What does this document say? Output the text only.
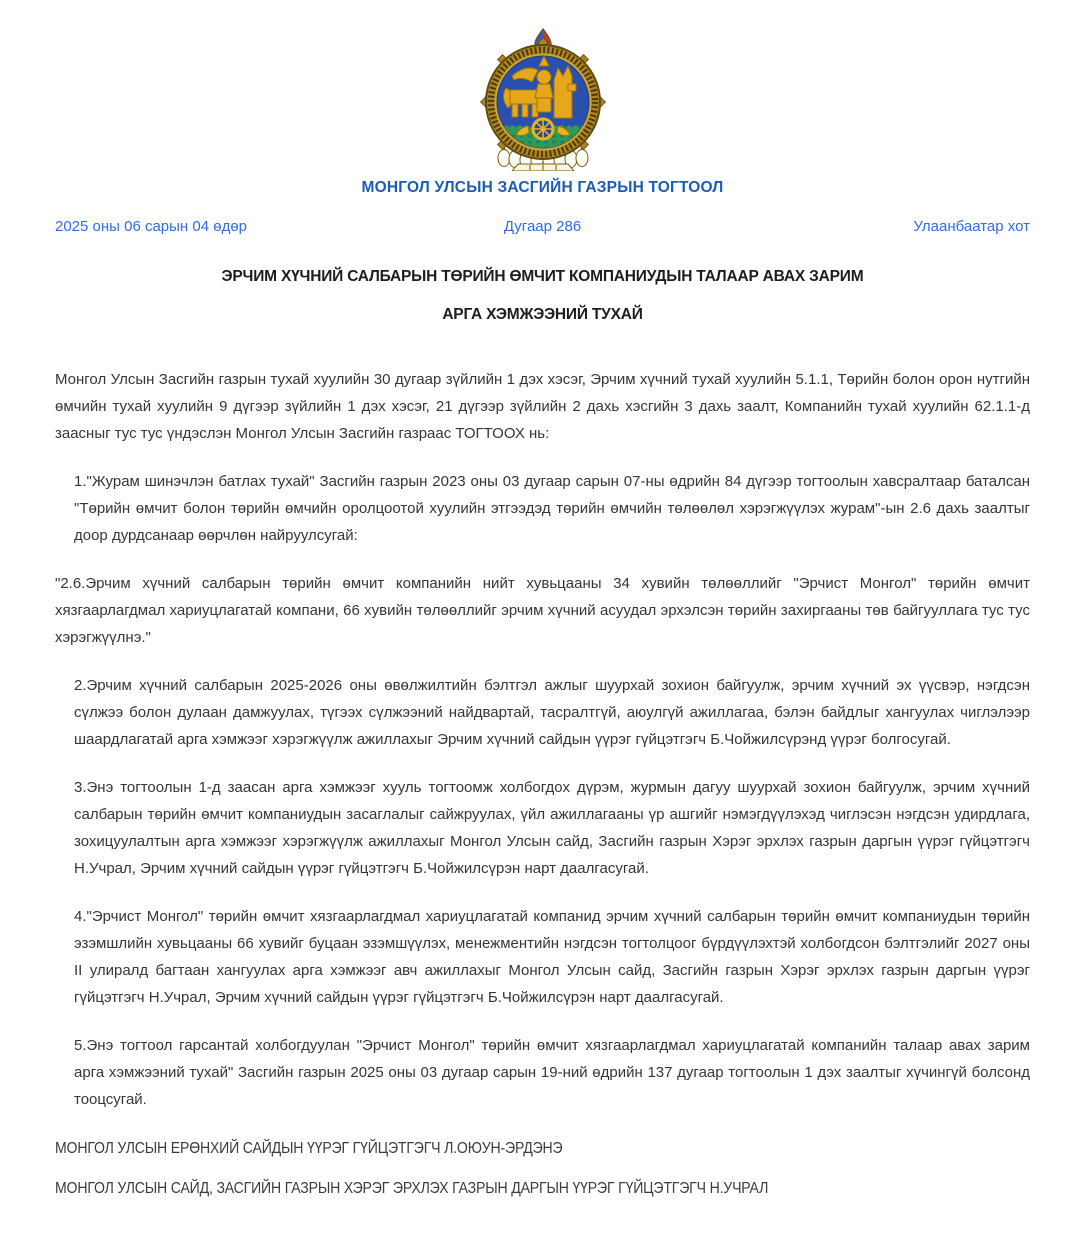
МОНГОЛ УЛСЫН ЗАСГИЙН ГАЗРЫН ТОГТООЛ
2025 оны 06 сарын 04 өдөр	Дугаар 286	Улаанбаатар хот
ЭРЧИМ ХҮЧНИЙ САЛБАРЫН ТӨРИЙН ӨМЧИТ КОМПАНИУДЫН ТАЛААР АВАХ ЗАРИМ
АРГА ХЭМЖЭЭНИЙ ТУХАЙ

Монгол Улсын Засгийн газрын тухай хуулийн 30 дугаар зүйлийн 1 дэх хэсэг, Эрчим хүчний тухай хуулийн 5.1.1, Төрийн болон орон нутгийн өмчийн тухай хуулийн 9 дүгээр зүйлийн 1 дэх хэсэг, 21 дүгээр зүйлийн 2 дахь хэсгийн 3 дахь заалт, Компанийн тухай хуулийн 62.1.1-д заасныг тус тус үндэслэн Монгол Улсын Засгийн газраас ТОГТООХ нь:

1."Журам шинэчлэн батлах тухай" Засгийн газрын 2023 оны 03 дугаар сарын 07-ны өдрийн 84 дүгээр тогтоолын хавсралтаар баталсан "Төрийн өмчит болон төрийн өмчийн оролцоотой хуулийн этгээдэд төрийн өмчийн төлөөлөл хэрэгжүүлэх журам"-ын 2.6 дахь заалтыг доор дурдсанаар өөрчлөн найруулсугай:

"2.6.Эрчим хүчний салбарын төрийн өмчит компанийн нийт хувьцааны 34 хувийн төлөөллийг "Эрчист Монгол" төрийн өмчит хязгаарлагдмал хариуцлагатай компани, 66 хувийн төлөөллийг эрчим хүчний асуудал эрхэлсэн төрийн захиргааны төв байгууллага тус тус хэрэгжүүлнэ."

2.Эрчим хүчний салбарын 2025-2026 оны өвөлжилтийн бэлтгэл ажлыг шуурхай зохион байгуулж, эрчим хүчний эх үүсвэр, нэгдсэн сүлжээ болон дулаан дамжуулах, түгээх сүлжээний найдвартай, тасралтгүй, аюулгүй ажиллагаа, бэлэн байдлыг хангуулах чиглэлээр шаардлагатай арга хэмжээг хэрэгжүүлж ажиллахыг Эрчим хүчний сайдын үүрэг гүйцэтгэгч Б.Чойжилсүрэнд үүрэг болгосугай.

3.Энэ тогтоолын 1-д заасан арга хэмжээг хууль тогтоомж холбогдох дүрэм, журмын дагуу шуурхай зохион байгуулж, эрчим хүчний салбарын төрийн өмчит компаниудын засаглалыг сайжруулах, үйл ажиллагааны үр ашгийг нэмэгдүүлэхэд чиглэсэн нэгдсэн удирдлага, зохицуулалтын арга хэмжээг хэрэгжүүлж ажиллахыг Монгол Улсын сайд, Засгийн газрын Хэрэг эрхлэх газрын даргын үүрэг гүйцэтгэгч Н.Учрал, Эрчим хүчний сайдын үүрэг гүйцэтгэгч Б.Чойжилсүрэн нарт даалгасугай.

4."Эрчист Монгол" төрийн өмчит хязгаарлагдмал хариуцлагатай компанид эрчим хүчний салбарын төрийн өмчит компаниудын төрийн эзэмшлийн хувьцааны 66 хувийг буцаан эзэмшүүлэх, менежментийн нэгдсэн тогтолцоог бүрдүүлэхтэй холбогдсон бэлтгэлийг 2027 оны II улиралд багтаан хангуулах арга хэмжээг авч ажиллахыг Монгол Улсын сайд, Засгийн газрын Хэрэг эрхлэх газрын даргын үүрэг гүйцэтгэгч Н.Учрал, Эрчим хүчний сайдын үүрэг гүйцэтгэгч Б.Чойжилсүрэн нарт даалгасугай.

5.Энэ тогтоол гарсантай холбогдуулан "Эрчист Монгол" төрийн өмчит хязгаарлагдмал хариуцлагатай компанийн талаар авах зарим арга хэмжээний тухай" Засгийн газрын 2025 оны 03 дугаар сарын 19-ний өдрийн 137 дугаар тогтоолын 1 дэх заалтыг хүчингүй болсонд тооцсугай.

МОНГОЛ УЛСЫН ЕРӨНХИЙ САЙДЫН ҮҮРЭГ ГҮЙЦЭТГЭГЧ Л.ОЮУН-ЭРДЭНЭ
МОНГОЛ УЛСЫН САЙД, ЗАСГИЙН ГАЗРЫН ХЭРЭГ ЭРХЛЭХ ГАЗРЫН ДАРГЫН ҮҮРЭГ ГҮЙЦЭТГЭГЧ Н.УЧРАЛ
